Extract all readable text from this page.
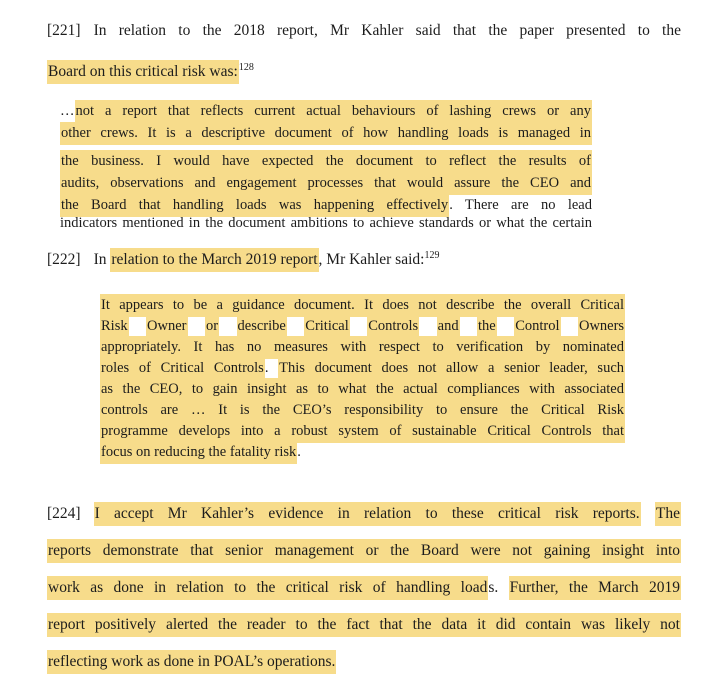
[221] In relation to the 2018 report, Mr Kahler said that the paper presented to the
Board on this critical risk was:$^{128}$
…not a report that reflects current actual behaviours of lashing crews or any
other crews. It is a descriptive document of how handling loads is managed in
the business. I would have expected the document to reflect the results of
audits, observations and engagement processes that would assure the CEO and
the Board that handling loads was happening effectively. There are no lead
indicators mentioned in the document ambitions to achieve standards or what the certain
[222] In relation to the March 2019 report, Mr Kahler said:$^{129}$
It appears to be a guidance document. It does not describe the overall Critical
Risk Owner or describe Critical Controls and the Control Owners
appropriately. It has no measures with respect to verification by nominated
roles of Critical Controls. This document does not allow a senior leader, such
as the CEO, to gain insight as to what the actual compliances with associated
controls are … It is the CEO’s responsibility to ensure the Critical Risk
programme develops into a robust system of sustainable Critical Controls that
focus on reducing the fatality risk.
[224] I accept Mr Kahler’s evidence in relation to these critical risk reports. The
reports demonstrate that senior management or the Board were not gaining insight into
work as done in relation to the critical risk of handling loads. Further, the March 2019
report positively alerted the reader to the fact that the data it did contain was likely not
reflecting work as done in POAL’s operations.
